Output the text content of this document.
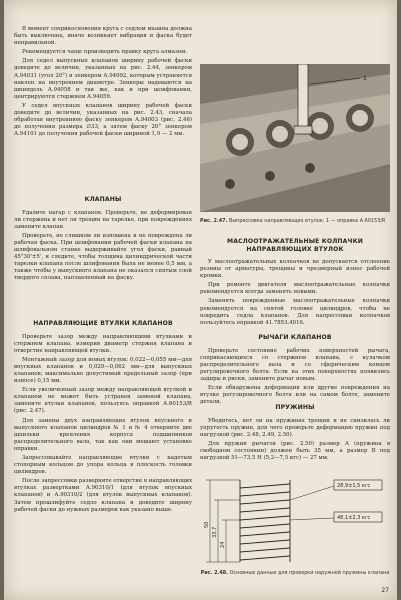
В момент соприкосновения круга с седлом мааина должна быть выключена, иначе возникнет вибрация и фаска будет неправильной.

Рекомендуется чаще производить правку круга алмазом.

Для седел выпускных клапанов ширину рабочей фаски доведите до величин, указанных на рис. 2.44, зенкером А.94031 (угол 20°) и зенкером А.94092, которым устраняется наклеп на внутреннем диаметре. Зенкеры надеваются на шпиндель А.94058 и так же, как и при шлифовании, центрируются стержнем А.94059.

У седел впускных клапанов ширину рабочей фаски доведите до величин, указанных на рис. 2.43, сначала обработав внутреннюю фаску зенкером А.94003 (рис. 2.46) до получения размера ∅33, а затем фаску 20° зенкером А.94101 до получения рабочей фаски шириной 1,9 — 2 мм.

КЛАПАНЫ

Удалите нагар с клапанов. Проверьте, не деформирован ли стержень и нет ли трещин на тарелке, при повреждениях замените клапан.

Проверьте, не слишком ли изношена и не повреждена ли рабочая фаска. При шлифовании рабочей фаски клапана на шлифовальном станке выдерживайте угол фаски, равный 45°30'±5', и следите, чтобы толщина цилиндрической части тарелки клапана после шлифования была не менее 0,5 мм, а также чтобы у выпускного клапана не оказался снятым слой твердого сплава, наплавленный на фаску.

НАПРАВЛЯЮЩИЕ ВТУЛКИ КЛАПАНОВ

Проверьте зазор между направляющими втулками и стержнем клапана, измерив диаметр стержня клапана и отверстие направляющей втулки.

Монтажный зазор для новых втулок: 0,022—0,055 мм—для впускных клапанов и 0,029—0,062 мм—для выпускных клапанов; максимально допустимый предельный зазор (при износе) 0,15 мм.

Если увеличенный зазор между направляющей втулкой и клапаном не может быть устранен заменой клапана, замените втулки клапанов, пользуясь оправкой А.60153/R (рис. 2.47).

Для замены двух направляющих втулок впускного и выпускного клапанов цилиндров № 1 и № 4 отверните две шпильки крепления корпуса подшипников распределительного вала, так как они мешают установке оправки.

Запрессовывайте направляющие втулки с надетым стопорным кольцом до упора кольца в плоскость головки цилиндров.

После запрессовки разверните отверстие в направляющих втулках развертками А.90310/1 (для втулок впускных клапанов) и А.90310/2 (для втулок выпускных клапанов). Затем прошлифуйте седло клапана и доведите ширину рабочей фаски до нужных размеров как указано выше.

1
Рис. 2.47. Выпрессовка направляющих втулок: 1 — оправка А.60153/R
МАСЛООТРАЖАТЕЛЬНЫЕ КОЛПАЧКИ НАПРАВЛЯЮЩИХ ВТУЛОК

У маслоотражательных колпачков не допускается отслоение резины от арматуры, трещины и чрезмерный износ рабочей кромки.

При ремонте двигателя маслоотражательные колпачки рекомендуется всегда заменять новыми.

Заменять поврежденные маслоотражательные колпачки рекомендуется на снятой головке цилиндров, чтобы не повредить седла клапанов. Для напрессовки колпачков пользуйтесь оправкой 41.7853.4016.

РЫЧАГИ КЛАПАНОВ

Проверьте состояние рабочих поверхностей рычага, соприкасающихся со стержнем клапана, с кулачком распределительного вала и со сферическим концом регулировочного болта. Если на этих поверхностях появились задиры и риски, замените рычаг новым.

Если обнаружена деформация или другие повреждения на втулке регулировочного болта или на самом болте, замените детали.

ПРУЖИНЫ

Убедитесь, нет ли на пружинах трещин и не снизилась ли упругость пружин, для чего проверьте деформацию пружин под нагрузкой (рис. 2.48, 2.49, 2.50).

Для пружин рычагов (рис. 2.50) размер A (пружина в свободном состоянии) должен быть 35 мм, а размер B под нагрузкой 51—73,5 Н (5,2—7,5 кгс) — 27 мм.

50
33,7
24
28,9±1,5 кгс
48,1±2,3 кгс
Рис. 2.48. Основные данные для проверки наружной пружины клапана
27
